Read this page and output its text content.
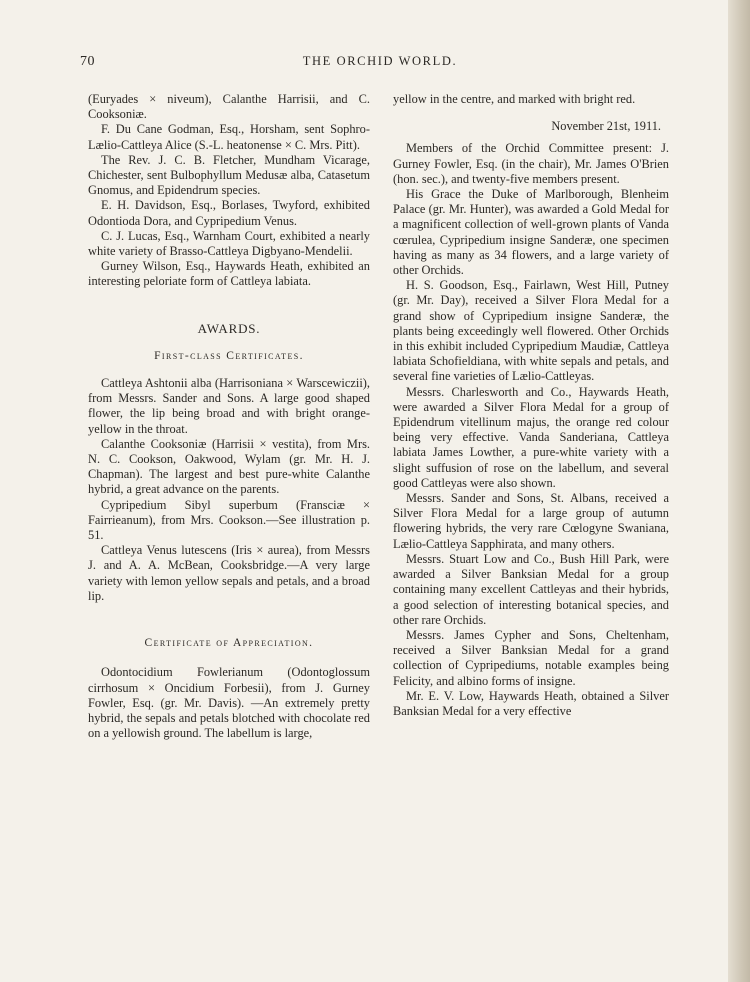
70	THE ORCHID WORLD.

(Euryades × niveum), Calanthe Harrisii, and C. Cooksoniæ.

F. Du Cane Godman, Esq., Horsham, sent Sophro-Lælio-Cattleya Alice (S.-L. heatonense × C. Mrs. Pitt).

The Rev. J. C. B. Fletcher, Mundham Vicarage, Chichester, sent Bulbophyllum Medusæ alba, Catasetum Gnomus, and Epidendrum species.

E. H. Davidson, Esq., Borlases, Twyford, exhibited Odontioda Dora, and Cypripedium Venus.

C. J. Lucas, Esq., Warnham Court, exhibited a nearly white variety of Brasso-Cattleya Digbyano-Mendelii.

Gurney Wilson, Esq., Haywards Heath, exhibited an interesting peloriate form of Cattleya labiata.

AWARDS.
First-class Certificates.

Cattleya Ashtonii alba (Harrisoniana × Warscewiczii), from Messrs. Sander and Sons. A large good shaped flower, the lip being broad and with bright orange-yellow in the throat.

Calanthe Cooksoniæ (Harrisii × vestita), from Mrs. N. C. Cookson, Oakwood, Wylam (gr. Mr. H. J. Chapman). The largest and best pure-white Calanthe hybrid, a great advance on the parents.

Cypripedium Sibyl superbum (Fransciæ × Fairrieanum), from Mrs. Cookson.—See illustration p. 51.

Cattleya Venus lutescens (Iris × aurea), from Messrs J. and A. A. McBean, Cooksbridge.—A very large variety with lemon yellow sepals and petals, and a broad lip.

Certificate of Appreciation.

Odontocidium Fowlerianum (Odontoglossum cirrhosum × Oncidium Forbesii), from J. Gurney Fowler, Esq. (gr. Mr. Davis). —An extremely pretty hybrid, the sepals and petals blotched with chocolate red on a yellowish ground. The labellum is large,

yellow in the centre, and marked with bright red.

November 21st, 1911.

Members of the Orchid Committee present: J. Gurney Fowler, Esq. (in the chair), Mr. James O'Brien (hon. sec.), and twenty-five members present.

His Grace the Duke of Marlborough, Blenheim Palace (gr. Mr. Hunter), was awarded a Gold Medal for a magnificent collection of well-grown plants of Vanda cœrulea, Cypripedium insigne Sanderæ, one specimen having as many as 34 flowers, and a large variety of other Orchids.

H. S. Goodson, Esq., Fairlawn, West Hill, Putney (gr. Mr. Day), received a Silver Flora Medal for a grand show of Cypripedium insigne Sanderæ, the plants being exceedingly well flowered. Other Orchids in this exhibit included Cypripedium Maudiæ, Cattleya labiata Schofieldiana, with white sepals and petals, and several fine varieties of Lælio-Cattleyas.

Messrs. Charlesworth and Co., Haywards Heath, were awarded a Silver Flora Medal for a group of Epidendrum vitellinum majus, the orange red colour being very effective. Vanda Sanderiana, Cattleya labiata James Lowther, a pure-white variety with a slight suffusion of rose on the labellum, and several good Cattleyas were also shown.

Messrs. Sander and Sons, St. Albans, received a Silver Flora Medal for a large group of autumn flowering hybrids, the very rare Cœlogyne Swaniana, Lælio-Cattleya Sapphirata, and many others.

Messrs. Stuart Low and Co., Bush Hill Park, were awarded a Silver Banksian Medal for a group containing many excellent Cattleyas and their hybrids, a good selection of interesting botanical species, and other rare Orchids.

Messrs. James Cypher and Sons, Cheltenham, received a Silver Banksian Medal for a grand collection of Cypripediums, notable examples being Felicity, and albino forms of insigne.

Mr. E. V. Low, Haywards Heath, obtained a Silver Banksian Medal for a very effective
